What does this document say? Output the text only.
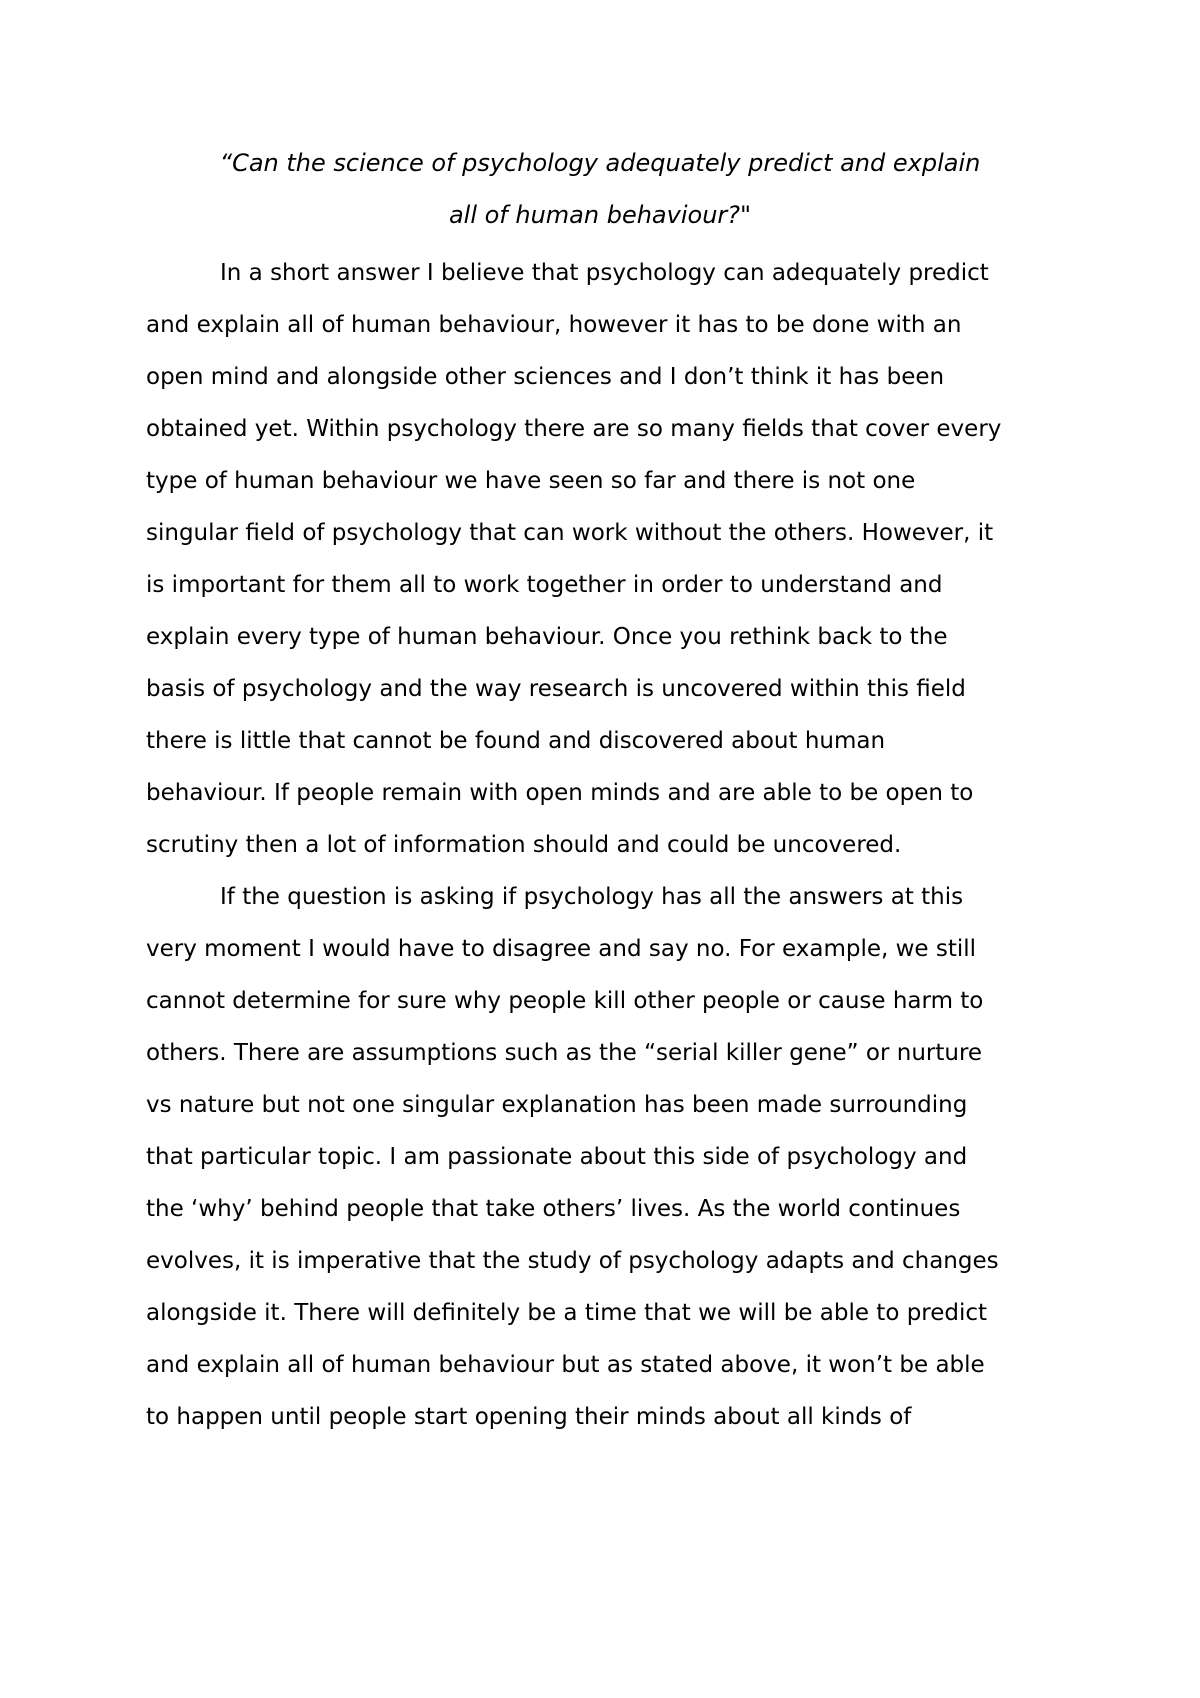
“Can the science of psychology adequately predict and explain
all of human behaviour?"
In a short answer I believe that psychology can adequately predict
and explain all of human behaviour, however it has to be done with an
open mind and alongside other sciences and I don’t think it has been
obtained yet. Within psychology there are so many fields that cover every
type of human behaviour we have seen so far and there is not one
singular field of psychology that can work without the others. However, it
is important for them all to work together in order to understand and
explain every type of human behaviour. Once you rethink back to the
basis of psychology and the way research is uncovered within this field
there is little that cannot be found and discovered about human
behaviour. If people remain with open minds and are able to be open to
scrutiny then a lot of information should and could be uncovered.
If the question is asking if psychology has all the answers at this
very moment I would have to disagree and say no. For example, we still
cannot determine for sure why people kill other people or cause harm to
others. There are assumptions such as the “serial killer gene” or nurture
vs nature but not one singular explanation has been made surrounding
that particular topic. I am passionate about this side of psychology and
the ‘why’ behind people that take others’ lives. As the world continues
evolves, it is imperative that the study of psychology adapts and changes
alongside it. There will definitely be a time that we will be able to predict
and explain all of human behaviour but as stated above, it won’t be able
to happen until people start opening their minds about all kinds of
